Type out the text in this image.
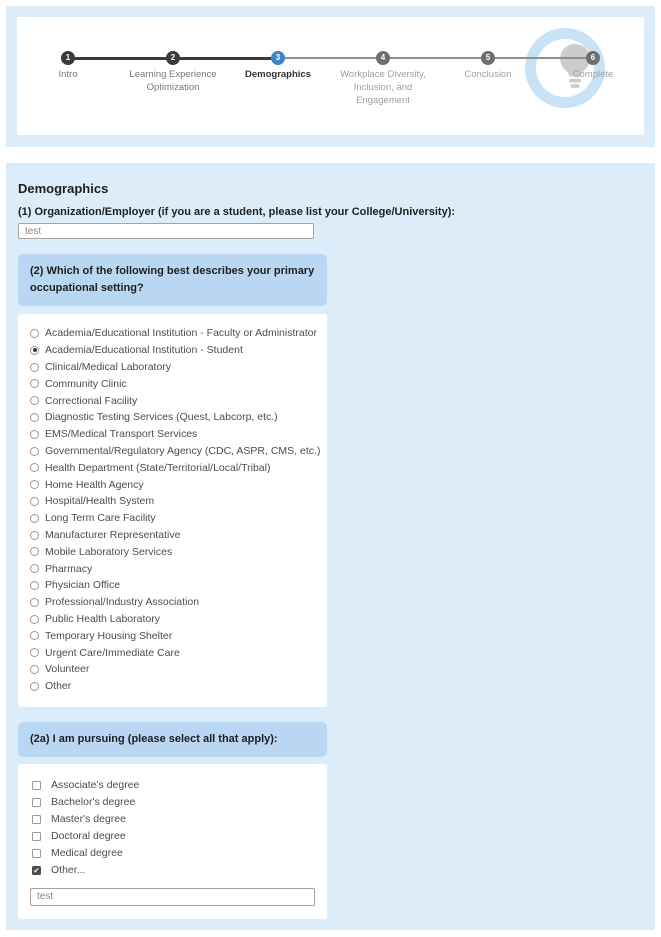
1
Intro
2
Learning Experience Optimization
3
Demographics
4
Workplace Diversity, Inclusion, and Engagement
5
Conclusion
6
Complete
Demographics
(1) Organization/Employer (if you are a student, please list your College/University):
test
(2) Which of the following best describes your primary occupational setting?
Academia/Educational Institution - Faculty or Administrator
Academia/Educational Institution - Student
Clinical/Medical Laboratory
Community Clinic
Correctional Facility
Diagnostic Testing Services (Quest, Labcorp, etc.)
EMS/Medical Transport Services
Governmental/Regulatory Agency (CDC, ASPR, CMS, etc.)
Health Department (State/Territorial/Local/Tribal)
Home Health Agency
Hospital/Health System
Long Term Care Facility
Manufacturer Representative
Mobile Laboratory Services
Pharmacy
Physician Office
Professional/Industry Association
Public Health Laboratory
Temporary Housing Shelter
Urgent Care/Immediate Care
Volunteer
Other
(2a) I am pursuing (please select all that apply):
Associate's degree
Bachelor's degree
Master's degree
Doctoral degree
Medical degree
✔ Other...
test
